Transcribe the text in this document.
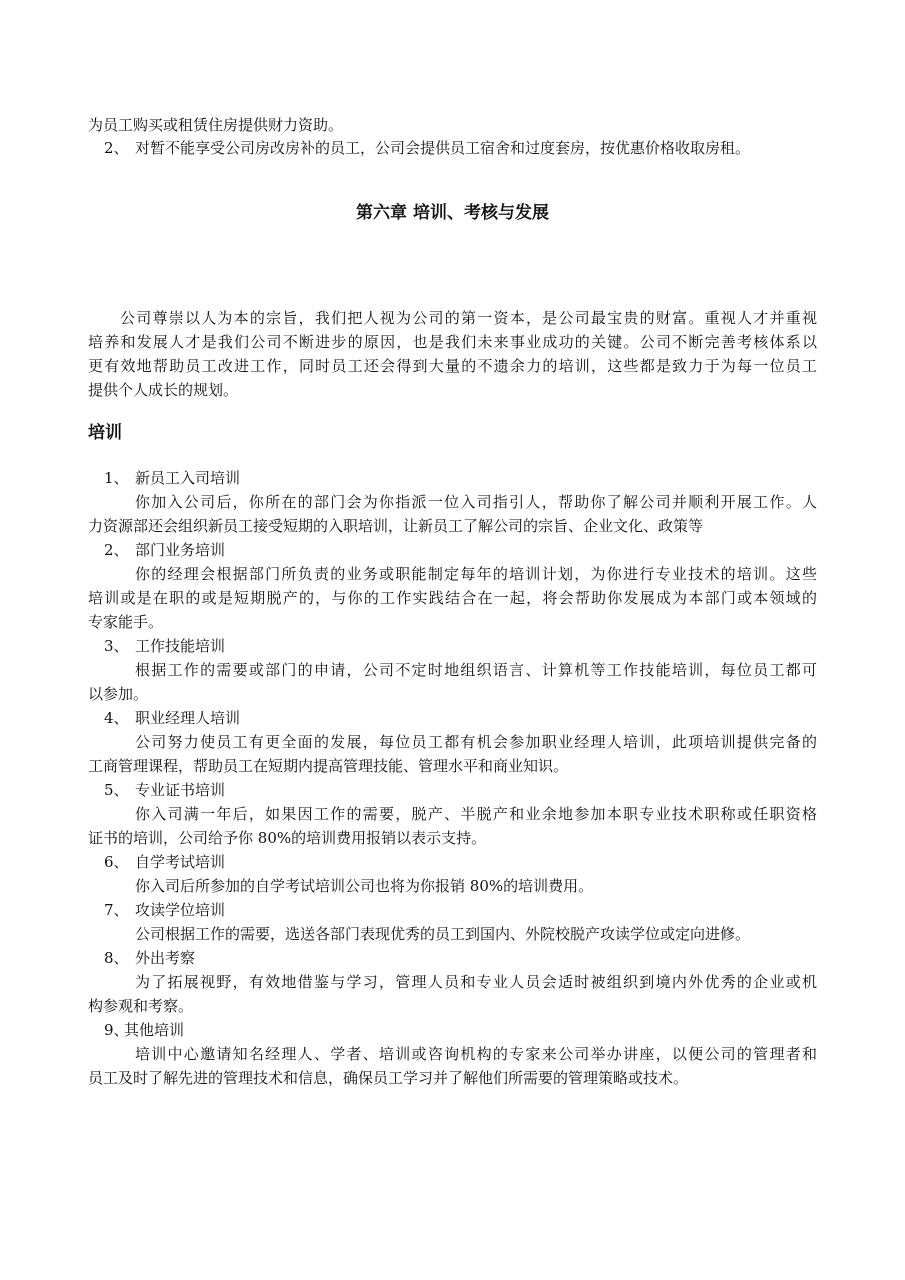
为员工购买或租赁住房提供财力资助。
2、 对暂不能享受公司房改房补的员工，公司会提供员工宿舍和过度套房，按优惠价格收取房租。
第六章 培训、考核与发展
公司尊崇以人为本的宗旨，我们把人视为公司的第一资本，是公司最宝贵的财富。重视人才并重视
培养和发展人才是我们公司不断进步的原因，也是我们未来事业成功的关键。公司不断完善考核体系以
更有效地帮助员工改进工作，同时员工还会得到大量的不遗余力的培训，这些都是致力于为每一位员工
提供个人成长的规划。
培训
1、 新员工入司培训
你加入公司后，你所在的部门会为你指派一位入司指引人，帮助你了解公司并顺利开展工作。人
力资源部还会组织新员工接受短期的入职培训，让新员工了解公司的宗旨、企业文化、政策等
2、 部门业务培训
你的经理会根据部门所负责的业务或职能制定每年的培训计划，为你进行专业技术的培训。这些
培训或是在职的或是短期脱产的，与你的工作实践结合在一起，将会帮助你发展成为本部门或本领域的
专家能手。
3、 工作技能培训
根据工作的需要或部门的申请，公司不定时地组织语言、计算机等工作技能培训，每位员工都可
以参加。
4、 职业经理人培训
公司努力使员工有更全面的发展，每位员工都有机会参加职业经理人培训，此项培训提供完备的
工商管理课程，帮助员工在短期内提高管理技能、管理水平和商业知识。
5、 专业证书培训
你入司满一年后，如果因工作的需要，脱产、半脱产和业余地参加本职专业技术职称或任职资格
证书的培训，公司给予你 80%的培训费用报销以表示支持。
6、 自学考试培训
你入司后所参加的自学考试培训公司也将为你报销 80%的培训费用。
7、 攻读学位培训
公司根据工作的需要，选送各部门表现优秀的员工到国内、外院校脱产攻读学位或定向进修。
8、 外出考察
为了拓展视野，有效地借鉴与学习，管理人员和专业人员会适时被组织到境内外优秀的企业或机
构参观和考察。
9、
其他培训
培训中心邀请知名经理人、学者、培训或咨询机构的专家来公司举办讲座，以便公司的管理者和
员工及时了解先进的管理技术和信息，确保员工学习并了解他们所需要的管理策略或技术。
